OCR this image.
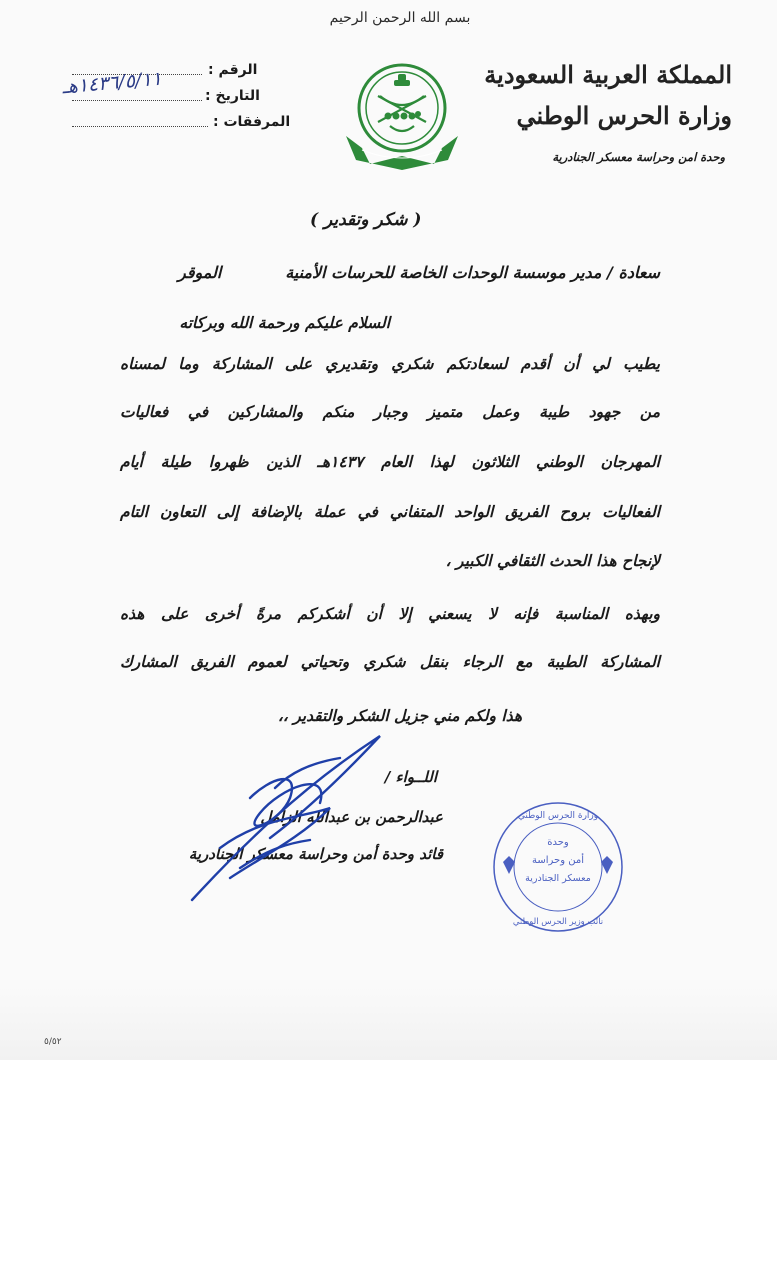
بسم الله الرحمن الرحيم
المملكة العربية السعودية
وزارة الحرس الوطني
وحدة امن وحراسة معسكر الجنادرية
الرقم :
التاريخ :
١٤٣٦/٥/١١هـ
المرفقات :
( شكر وتقدير )
سعادة / مدير موسسة الوحدات الخاصة للحرسات الأمنية
الموقر
السلام عليكم ورحمة الله وبركاته
يطيب لي أن أقدم لسعادتكم شكري وتقديري على المشاركة وما لمسناه
من جهود طيبة وعمل متميز وجبار منكم والمشاركين في فعاليات
المهرجان الوطني الثلاثون لهذا العام ١٤٣٧هـ الذين ظهروا طيلة أيام
الفعاليات بروح الفريق الواحد المتفاني في عملة بالإضافة إلى التعاون التام
لإنجاح هذا الحدث الثقافي الكبير ،
وبهذه المناسبة فإنه لا يسعني إلا أن أشكركم مرةً أخرى على هذه
المشاركة الطيبة مع الرجاء بنقل شكري وتحياتي لعموم الفريق المشارك
هذا ولكم مني جزيل الشكر والتقدير ،،
اللــواء /
عبدالرحمن بن عبدالله الزامل
قائد وحدة أمن وحراسة معسكر الجنادرية
وزارة الحرس الوطني
وحدة
أمن وحراسة
معسكر الجنادرية
نائب وزير الحرس الوطني
٥/٥٢
